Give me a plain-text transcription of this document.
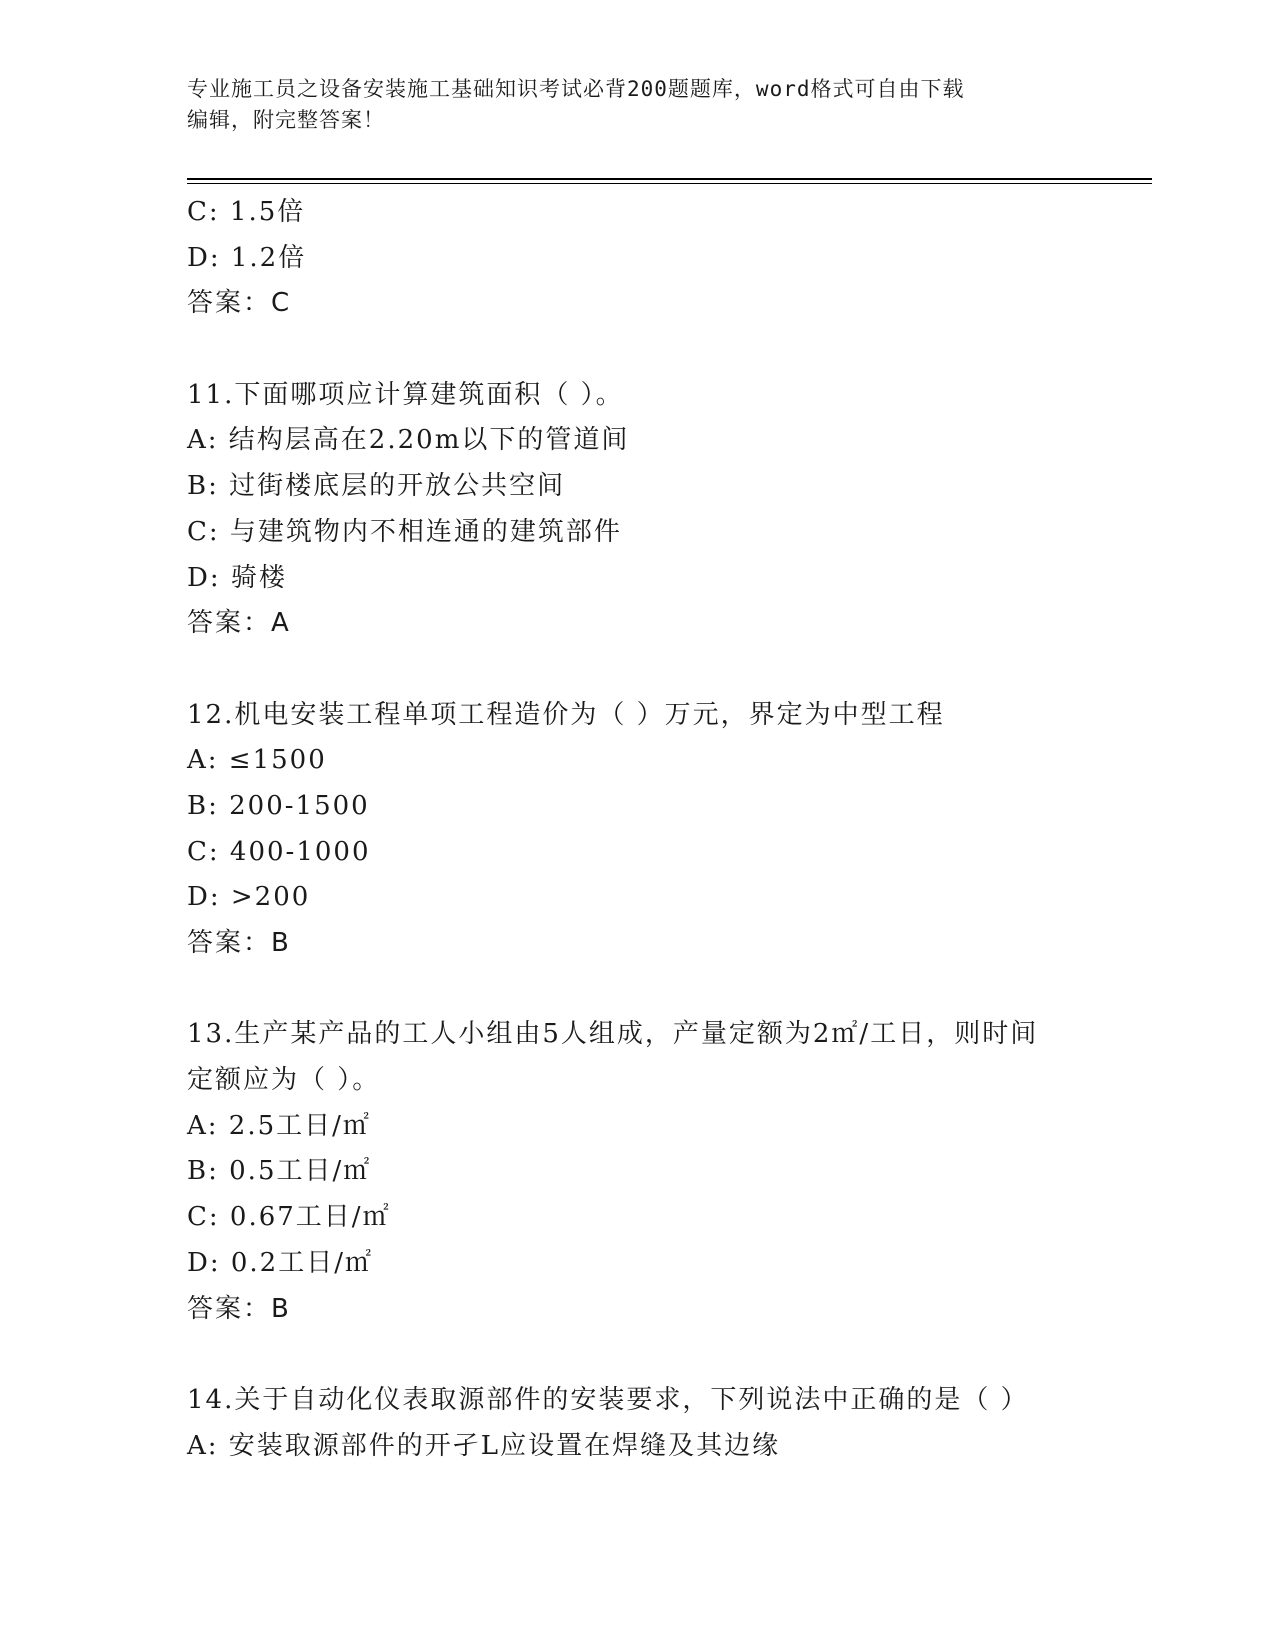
专业施工员之设备安装施工基础知识考试必背200题题库，word格式可自由下载
编辑，附完整答案！
C: 1.5倍
D: 1.2倍
答案：C
11.下面哪项应计算建筑面积（ ）。
A: 结构层高在2.20m以下的管道间
B: 过街楼底层的开放公共空间
C: 与建筑物内不相连通的建筑部件
D: 骑楼
答案：A
12.机电安装工程单项工程造价为（ ）万元，界定为中型工程
A: ≤1500
B: 200-1500
C: 400-1000
D: >200
答案：B
13.生产某产品的工人小组由5人组成，产量定额为2㎡/工日，则时间
定额应为（ ）。
A: 2.5工日/㎡
B: 0.5工日/㎡
C: 0.67工日/㎡
D: 0.2工日/㎡
答案：B
14.关于自动化仪表取源部件的安装要求，下列说法中正确的是（ ）
A: 安装取源部件的开孑L应设置在焊缝及其边缘
